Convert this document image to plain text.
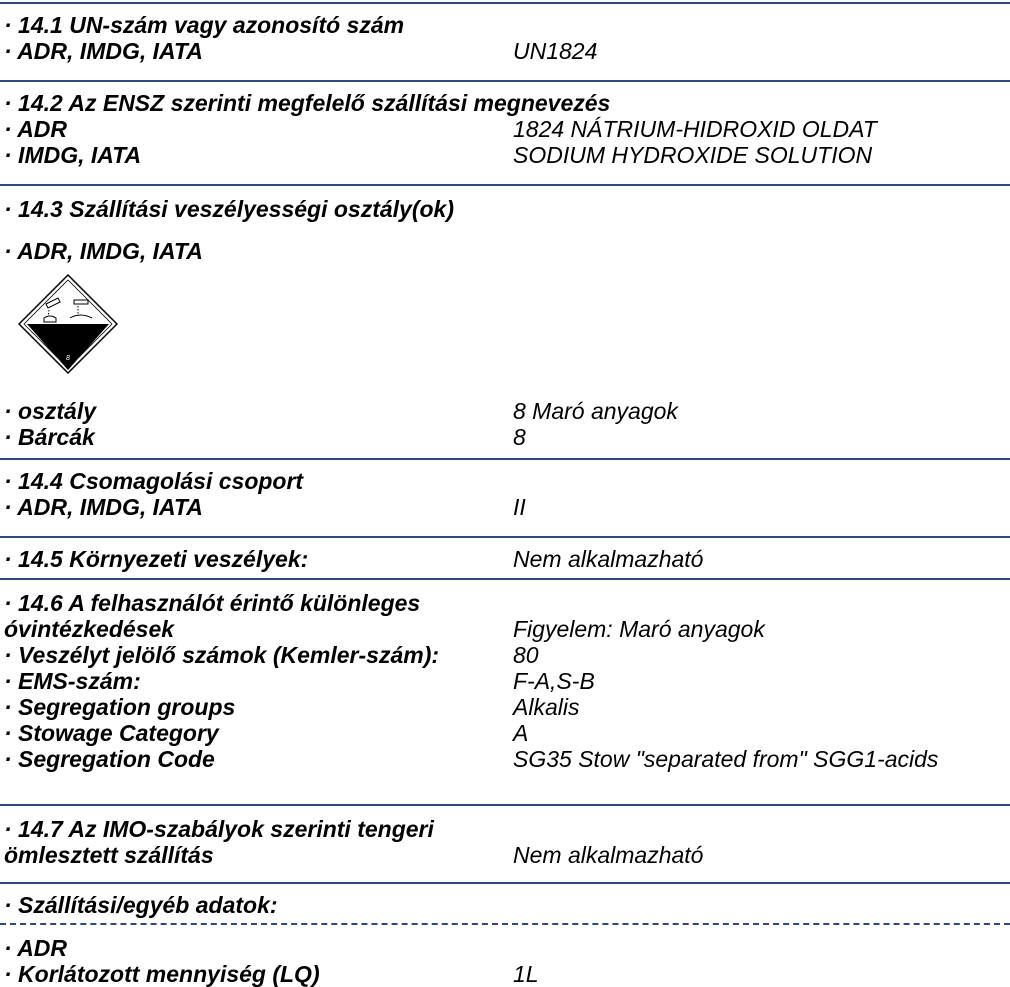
· 14.1 UN-szám vagy azonosító szám
· ADR, IMDG, IATA	UN1824
· 14.2 Az ENSZ szerinti megfelelő szállítási megnevezés
· ADR	1824 NÁTRIUM-HIDROXID OLDAT
· IMDG, IATA	SODIUM HYDROXIDE SOLUTION
· 14.3 Szállítási veszélyességi osztály(ok)
· ADR, IMDG, IATA
8
· osztály	8 Maró anyagok
· Bárcák	8
· 14.4 Csomagolási csoport
· ADR, IMDG, IATA	II
· 14.5 Környezeti veszélyek:	Nem alkalmazható
· 14.6 A felhasználót érintő különleges
óvintézkedések	Figyelem: Maró anyagok
· Veszélyt jelölő számok (Kemler-szám):	80
· EMS-szám:	F-A,S-B
· Segregation groups	Alkalis
· Stowage Category	A
· Segregation Code	SG35 Stow "separated from" SGG1-acids
· 14.7 Az IMO-szabályok szerinti tengeri
ömlesztett szállítás	Nem alkalmazható
· Szállítási/egyéb adatok:
· ADR
· Korlátozott mennyiség (LQ)	1L
